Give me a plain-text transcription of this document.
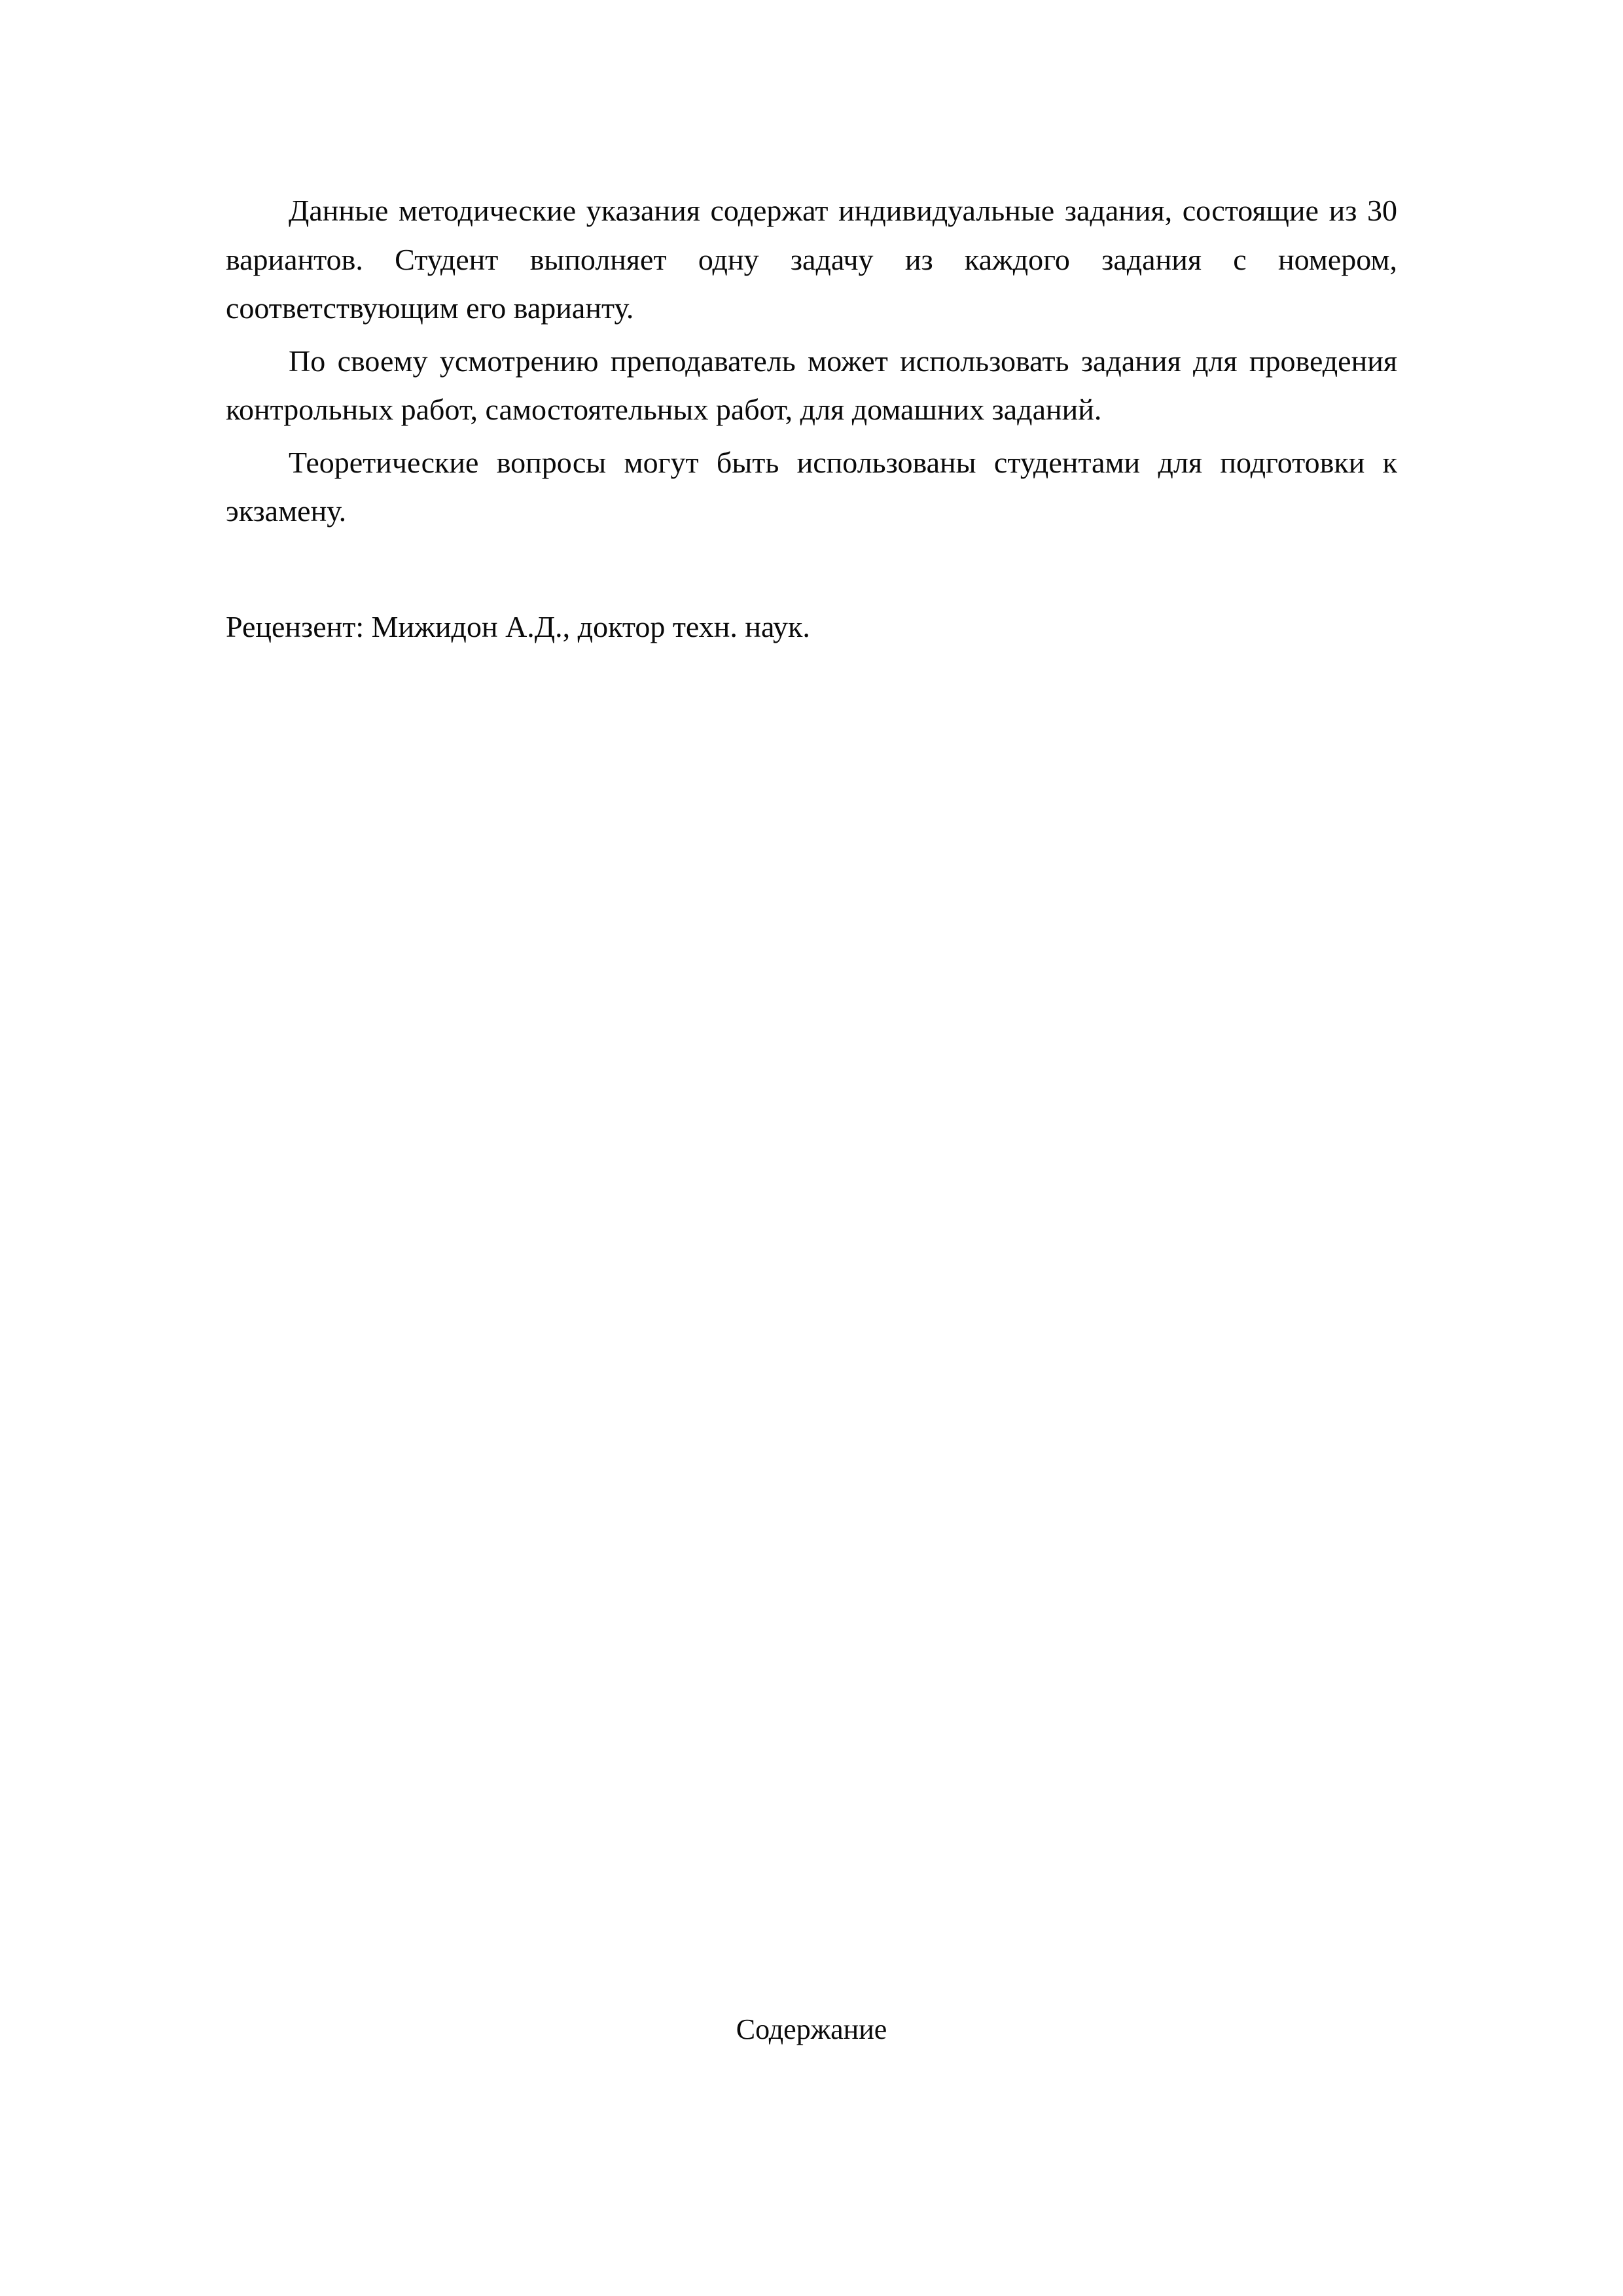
Данные методические указания содержат индивидуальные задания, состоящие из 30 вариантов. Студент выполняет одну задачу из каждого задания с номером, соответствующим его варианту.

По своему усмотрению преподаватель может использовать задания для проведения контрольных работ, самостоятельных работ, для домашних заданий.

Теоретические вопросы могут быть использованы студентами для подготовки к экзамену.

Рецензент: Мижидон А.Д., доктор техн. наук.

Содержание
